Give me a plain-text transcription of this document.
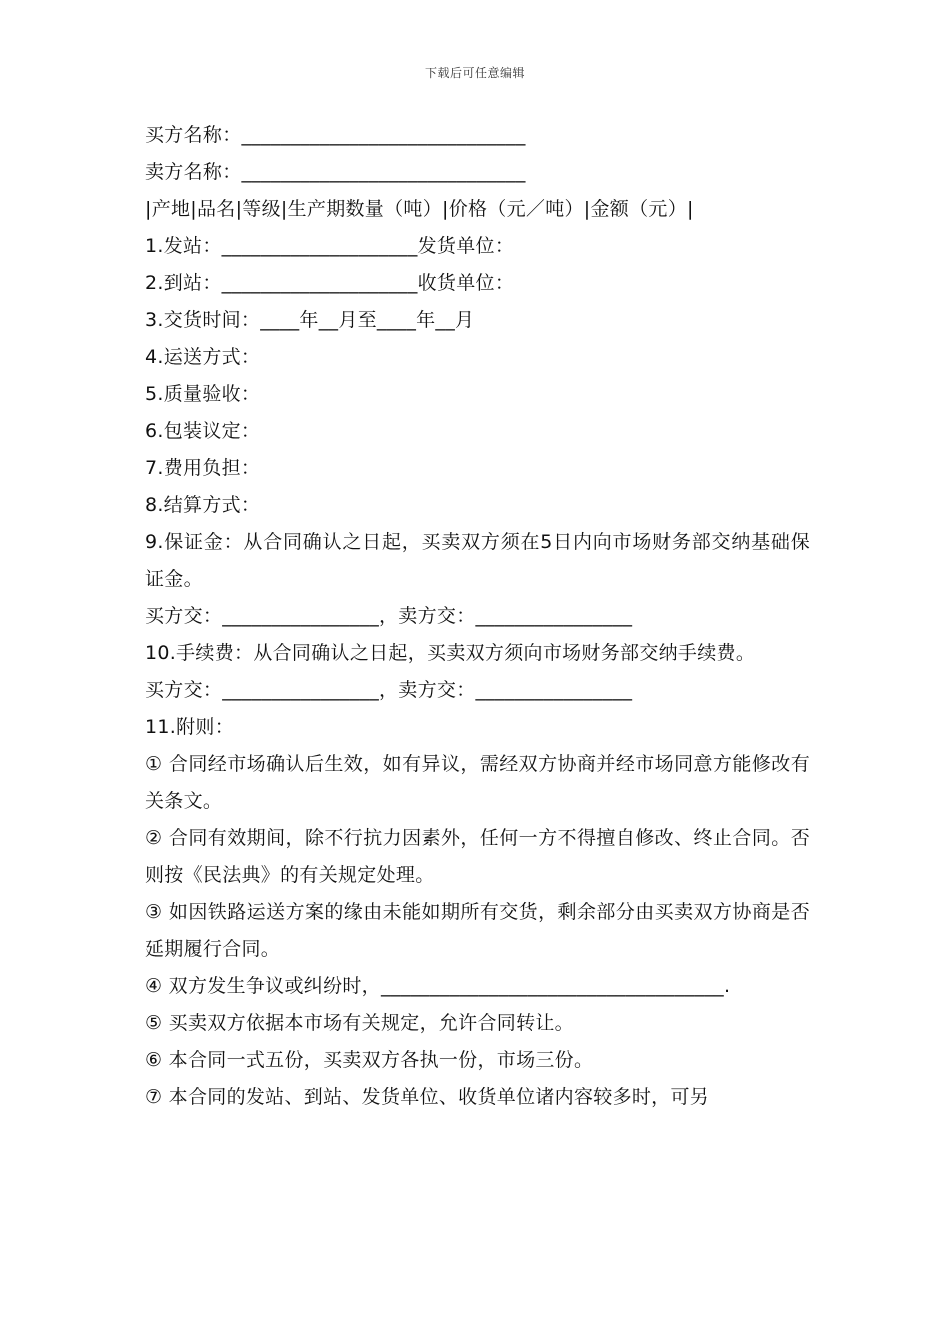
下载后可任意编辑
买方名称：_____________________________
卖方名称：_____________________________
|产地|品名|等级|生产期数量（吨）|价格（元／吨）|金额（元）|
1.发站：____________________发货单位：
2.到站：____________________收货单位：
3.交货时间：____年__月至____年__月
4.运送方式：
5.质量验收：
6.包装议定：
7.费用负担：
8.结算方式：
9.保证金：从合同确认之日起，买卖双方须在5日内向市场财务部交纳基础保证金。
买方交：________________，卖方交：________________
10.手续费：从合同确认之日起，买卖双方须向市场财务部交纳手续费。
买方交：________________，卖方交：________________
11.附则：
① 合同经市场确认后生效，如有异议，需经双方协商并经市场同意方能修改有关条文。
② 合同有效期间，除不行抗力因素外，任何一方不得擅自修改、终止合同。否则按《民法典》的有关规定处理。
③ 如因铁路运送方案的缘由未能如期所有交货，剩余部分由买卖双方协商是否延期履行合同。
④ 双方发生争议或纠纷时，___________________________________.
⑤ 买卖双方依据本市场有关规定，允许合同转让。
⑥ 本合同一式五份，买卖双方各执一份，市场三份。
⑦ 本合同的发站、到站、发货单位、收货单位诸内容较多时，可另
